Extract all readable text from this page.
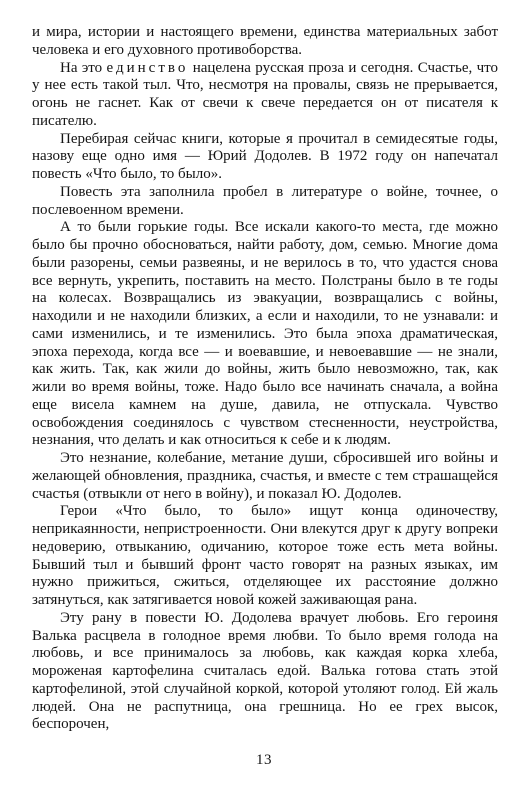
и мира, истории и настоящего времени, единства материальных забот человека и его духовного противоборства.

На это единство нацелена русская проза и сегодня. Счастье, что у нее есть такой тыл. Что, несмотря на провалы, связь не прерывается, огонь не гаснет. Как от свечи к свече передается он от писателя к писателю.

Перебирая сейчас книги, которые я прочитал в семидесятые годы, назову еще одно имя — Юрий Додолев. В 1972 году он напечатал повесть «Что было, то было».

Повесть эта заполнила пробел в литературе о войне, точнее, о послевоенном времени.

А то были горькие годы. Все искали какого-то места, где можно было бы прочно обосноваться, найти работу, дом, семью. Многие дома были разорены, семьи развеяны, и не верилось в то, что удастся снова все вернуть, укрепить, поставить на место. Полстраны было в те годы на колесах. Возвращались из эвакуации, возвращались с войны, находили и не находили близких, а если и находили, то не узнавали: и сами изменились, и те изменились. Это была эпоха драматическая, эпоха перехода, когда все — и воевавшие, и невоевавшие — не знали, как жить. Так, как жили до войны, жить было невозможно, так, как жили во время войны, тоже. Надо было все начинать сначала, а война еще висела камнем на душе, давила, не отпускала. Чувство освобождения соединялось с чувством стесненности, неустройства, незнания, что делать и как относиться к себе и к людям.

Это незнание, колебание, метание души, сбросившей иго войны и желающей обновления, праздника, счастья, и вместе с тем страшащейся счастья (отвыкли от него в войну), и показал Ю. Додолев.

Герои «Что было, то было» ищут конца одиночеству, неприкаянности, непристроенности. Они влекутся друг к другу вопреки недоверию, отвыканию, одичанию, которое тоже есть мета войны. Бывший тыл и бывший фронт часто говорят на разных языках, им нужно прижиться, сжиться, отделяющее их расстояние должно затянуться, как затягивается новой кожей заживающая рана.

Эту рану в повести Ю. Додолева врачует любовь. Его героиня Валька расцвела в голодное время любви. То было время голода на любовь, и все принималось за любовь, как каждая корка хлеба, мороженая картофелина считалась едой. Валька готова стать этой картофелиной, этой случайной коркой, которой утоляют голод. Ей жаль людей. Она не распутница, она грешница. Но ее грех высок, беспорочен,

13
